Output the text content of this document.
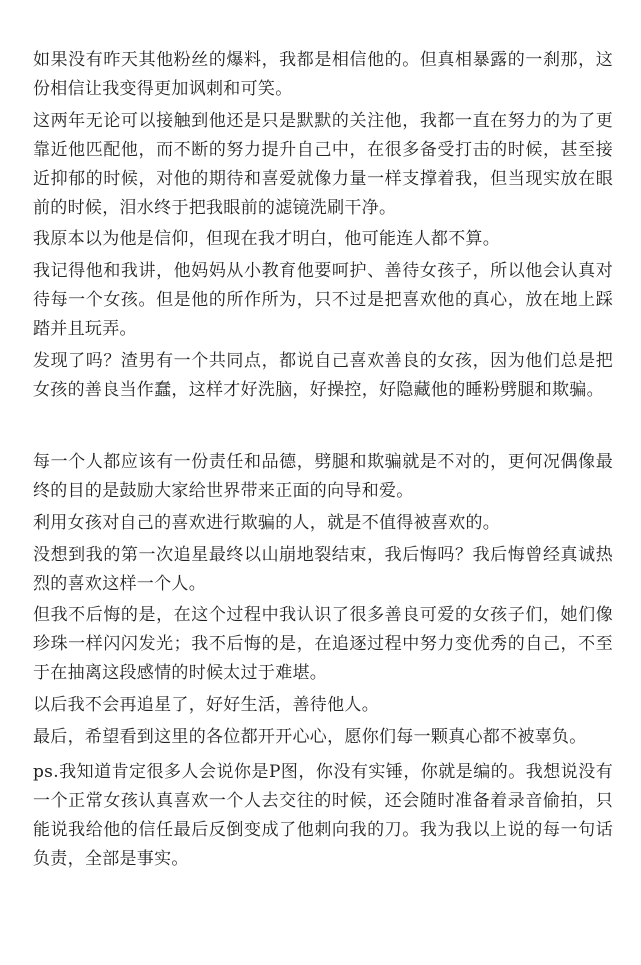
如果没有昨天其他粉丝的爆料，我都是相信他的。但真相暴露的一刹那，这份相信让我变得更加讽刺和可笑。

这两年无论可以接触到他还是只是默默的关注他，我都一直在努力的为了更靠近他匹配他，而不断的努力提升自己中，在很多备受打击的时候，甚至接近抑郁的时候，对他的期待和喜爱就像力量一样支撑着我，但当现实放在眼前的时候，泪水终于把我眼前的滤镜洗刷干净。

我原本以为他是信仰，但现在我才明白，他可能连人都不算。

我记得他和我讲，他妈妈从小教育他要呵护、善待女孩子，所以他会认真对待每一个女孩。但是他的所作所为，只不过是把喜欢他的真心，放在地上踩踏并且玩弄。

发现了吗？渣男有一个共同点，都说自己喜欢善良的女孩，因为他们总是把女孩的善良当作蠢，这样才好洗脑，好操控，好隐藏他的睡粉劈腿和欺骗。

每一个人都应该有一份责任和品德，劈腿和欺骗就是不对的，更何况偶像最终的目的是鼓励大家给世界带来正面的向导和爱。

利用女孩对自己的喜欢进行欺骗的人，就是不值得被喜欢的。

没想到我的第一次追星最终以山崩地裂结束，我后悔吗？我后悔曾经真诚热烈的喜欢这样一个人。

但我不后悔的是，在这个过程中我认识了很多善良可爱的女孩子们，她们像珍珠一样闪闪发光；我不后悔的是，在追逐过程中努力变优秀的自己，不至于在抽离这段感情的时候太过于难堪。

以后我不会再追星了，好好生活，善待他人。

最后，希望看到这里的各位都开开心心，愿你们每一颗真心都不被辜负。

ps.我知道肯定很多人会说你是P图，你没有实锤，你就是编的。我想说没有一个正常女孩认真喜欢一个人去交往的时候，还会随时准备着录音偷拍，只能说我给他的信任最后反倒变成了他刺向我的刀。我为我以上说的每一句话负责，全部是事实。
